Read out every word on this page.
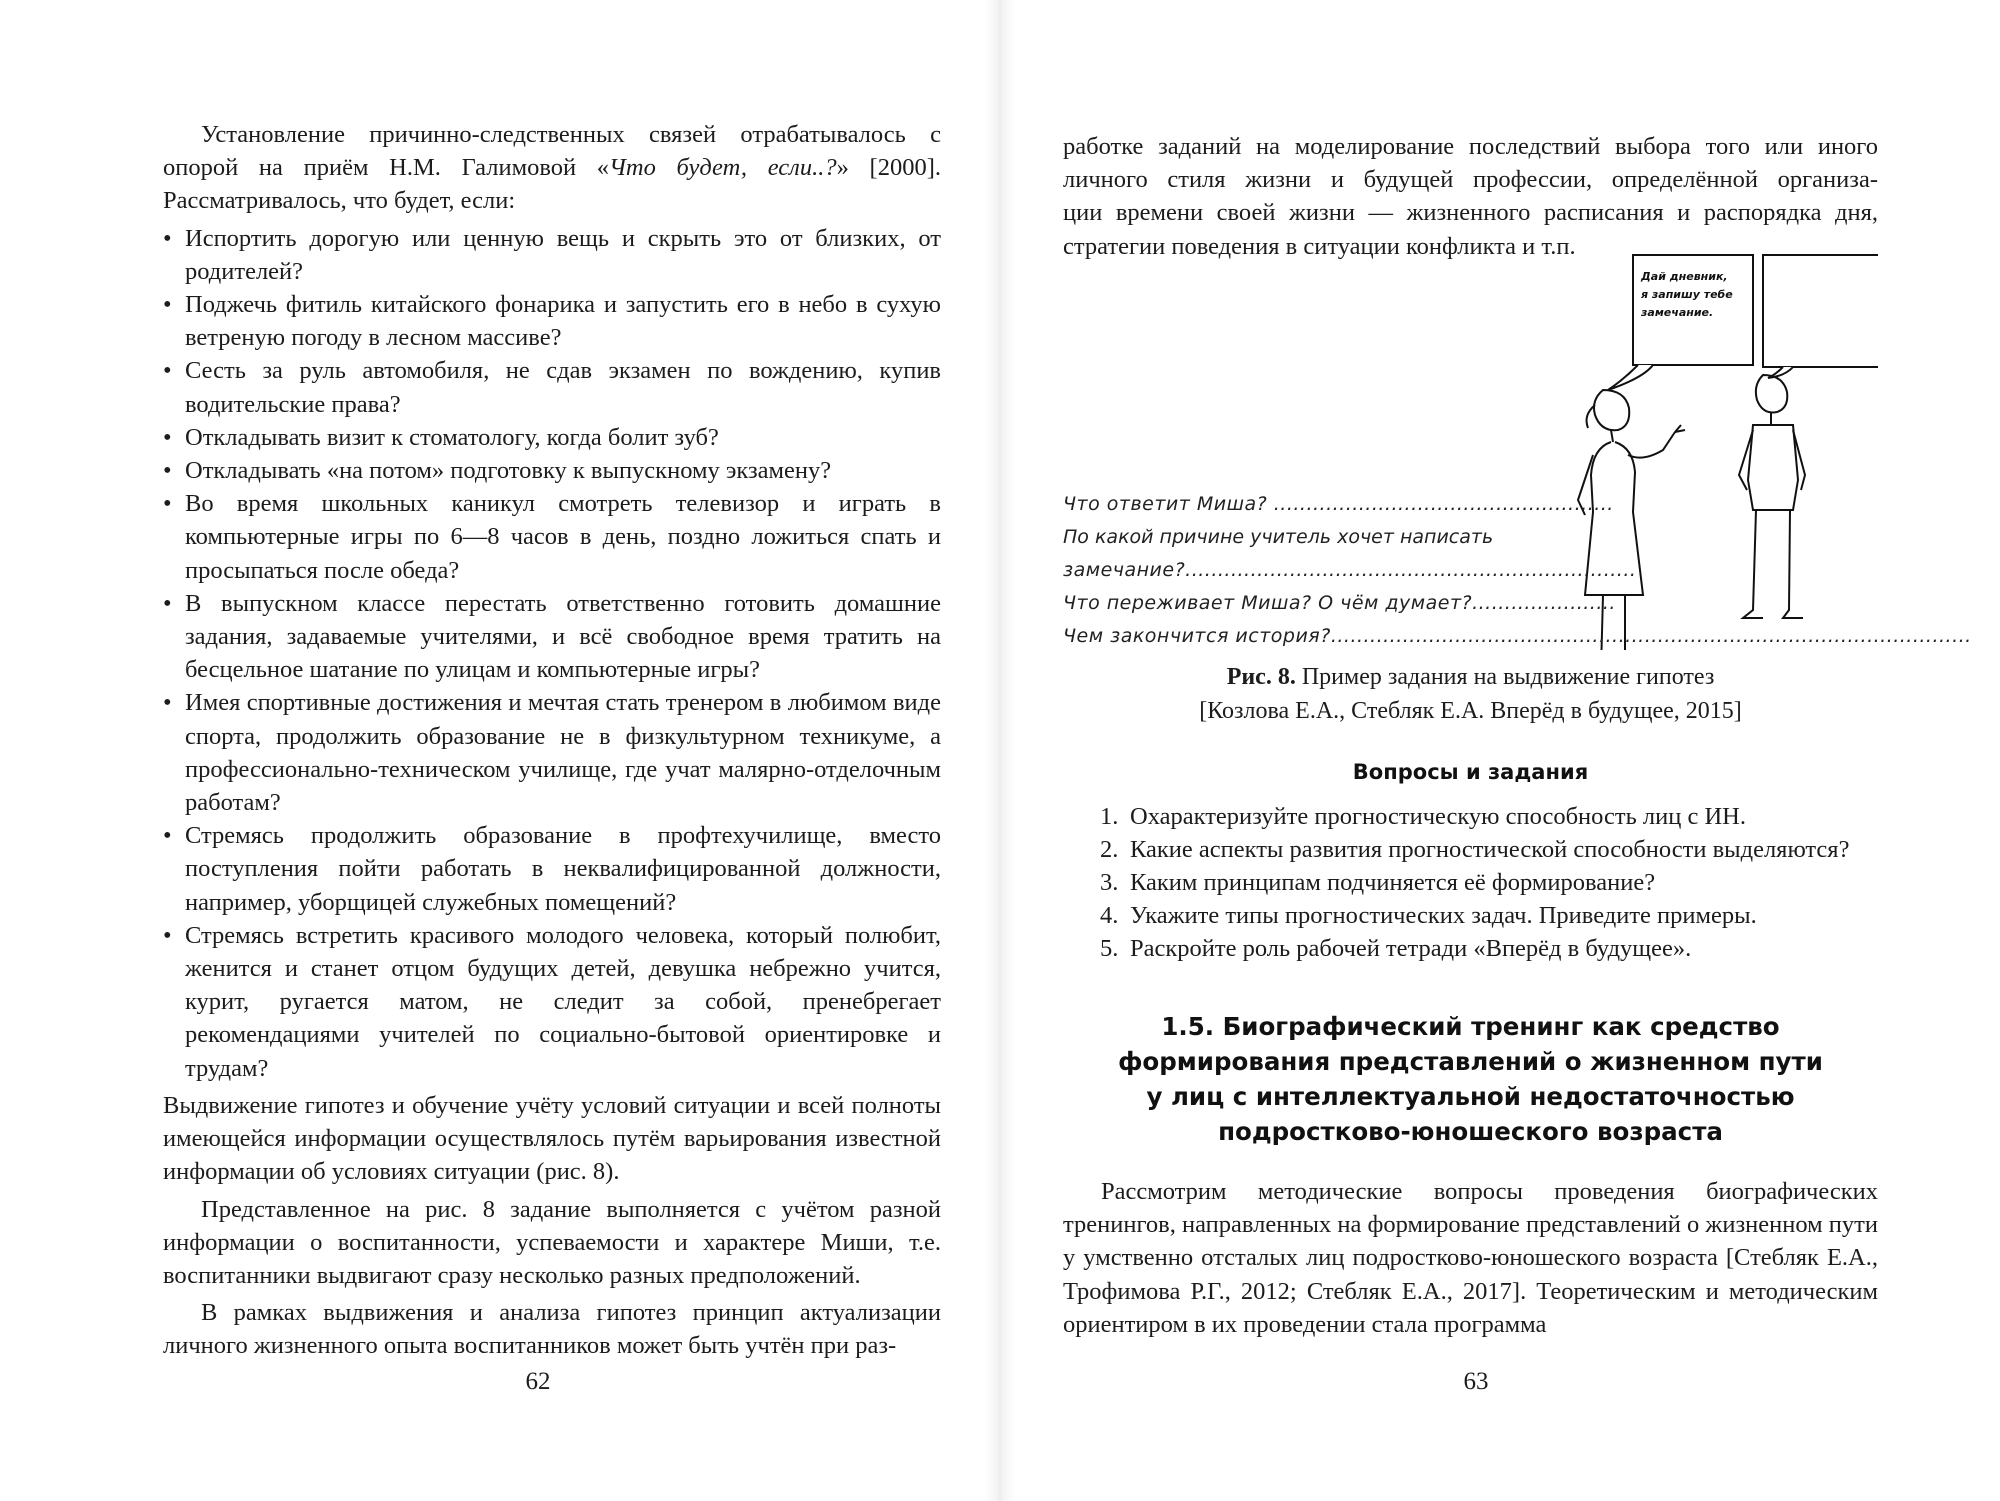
Установление причинно-следственных связей отрабатывалось с опорой на приём Н.М. Галимовой «Что будет, если..?» [2000]. Рассматривалось, что будет, если:

• Испортить дорогую или ценную вещь и скрыть это от близких, от родителей?
• Поджечь фитиль китайского фонарика и запустить его в небо в сухую ветреную погоду в лесном массиве?
• Сесть за руль автомобиля, не сдав экзамен по вождению, купив водительские права?
• Откладывать визит к стоматологу, когда болит зуб?
• Откладывать «на потом» подготовку к выпускному экзамену?
• Во время школьных каникул смотреть телевизор и играть в компьютерные игры по 6—8 часов в день, поздно ложиться спать и просыпаться после обеда?
• В выпускном классе перестать ответственно готовить домашние задания, задаваемые учителями, и всё свободное время тратить на бесцельное шатание по улицам и компьютерные игры?
• Имея спортивные достижения и мечтая стать тренером в любимом виде спорта, продолжить образование не в физкультурном техникуме, а профессионально-техническом училище, где учат малярно-отделочным работам?
• Стремясь продолжить образование в профтехучилище, вместо поступления пойти работать в неквалифицированной должности, например, уборщицей служебных помещений?
• Стремясь встретить красивого молодого человека, который полюбит, женится и станет отцом будущих детей, девушка небрежно учится, курит, ругается матом, не следит за собой, пренебрегает рекомендациями учителей по социально-бытовой ориентировке и трудам?

Выдвижение гипотез и обучение учёту условий ситуации и всей полноты имеющейся информации осуществлялось путём варьирования известной информации об условиях ситуации (рис. 8).

Представленное на рис. 8 задание выполняется с учётом разной информации о воспитанности, успеваемости и характере Миши, т.е. воспитанники выдвигают сразу несколько разных предположений.

В рамках выдвижения и анализа гипотез принцип актуализации личного жизненного опыта воспитанников может быть учтён при раз-

62
работке заданий на моделирование последствий выбора того или иного
личного стиля жизни и будущей профессии, определённой организа-
ции времени своей жизни — жизненного расписания и распорядка дня,
стратегии поведения в ситуации конфликта и т.п.
Дай дневник,
я запишу тебе
замечание.
Что ответит Миша? ....................................................
По какой причине учитель хочет написать
замечание?.....................................................................
Что переживает Миша? О чём думает?......................
Чем закончится история?..................................................................................................
Рис. 8. Пример задания на выдвижение гипотез
[Козлова Е.А., Стебляк Е.А. Вперёд в будущее, 2015]
Вопросы и задания
1. Охарактеризуйте прогностическую способность лиц с ИН.
2. Какие аспекты развития прогностической способности выделяются?
3. Каким принципам подчиняется её формирование?
4. Укажите типы прогностических задач. Приведите примеры.
5. Раскройте роль рабочей тетради «Вперёд в будущее».
1.5. Биографический тренинг как средство
формирования представлений о жизненном пути
у лиц с интеллектуальной недостаточностью
подростково-юношеского возраста

Рассмотрим методические вопросы проведения биографических тренингов, направленных на формирование представлений о жизненном пути у умственно отсталых лиц подростково-юношеского возраста [Стебляк Е.А., Трофимова Р.Г., 2012; Стебляк Е.А., 2017]. Теоретическим и методическим ориентиром в их проведении стала программа

63
